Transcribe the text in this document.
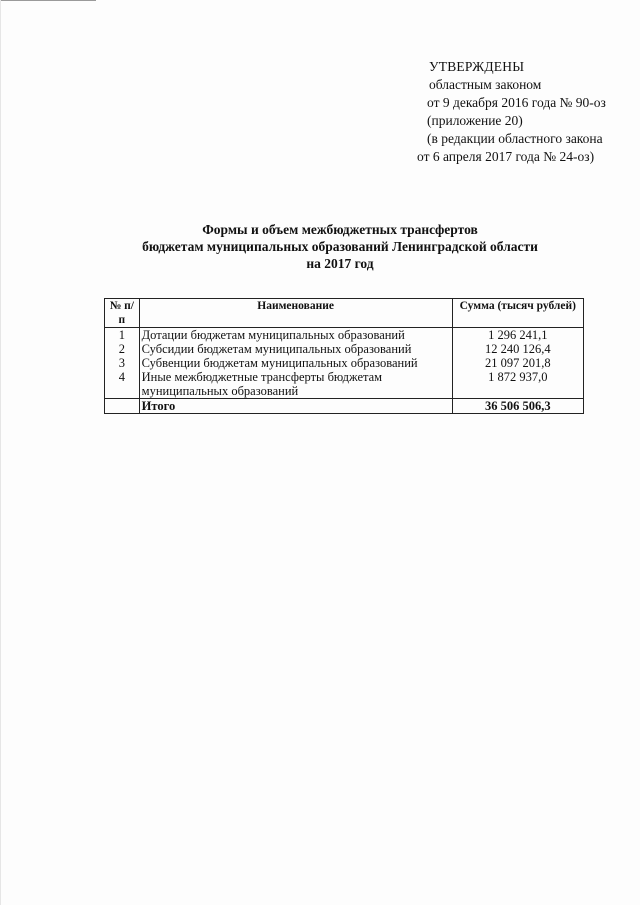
УТВЕРЖДЕНЫ
областным законом
от 9 декабря 2016 года № 90-оз
(приложение 20)
(в редакции областного закона
от 6 апреля 2017 года № 24-оз)
Формы и объем межбюджетных трансфертов
бюджетам муниципальных образований Ленинградской области
на 2017 год
№ п/п	Наименование	Сумма (тысяч рублей)
1	Дотации бюджетам муниципальных образований	1 296 241,1
2	Субсидии бюджетам муниципальных образований	12 240 126,4
3	Субвенции бюджетам муниципальных образований	21 097 201,8
4	Иные межбюджетные трансферты бюджетам муниципальных образований	1 872 937,0
	Итого	36 506 506,3
